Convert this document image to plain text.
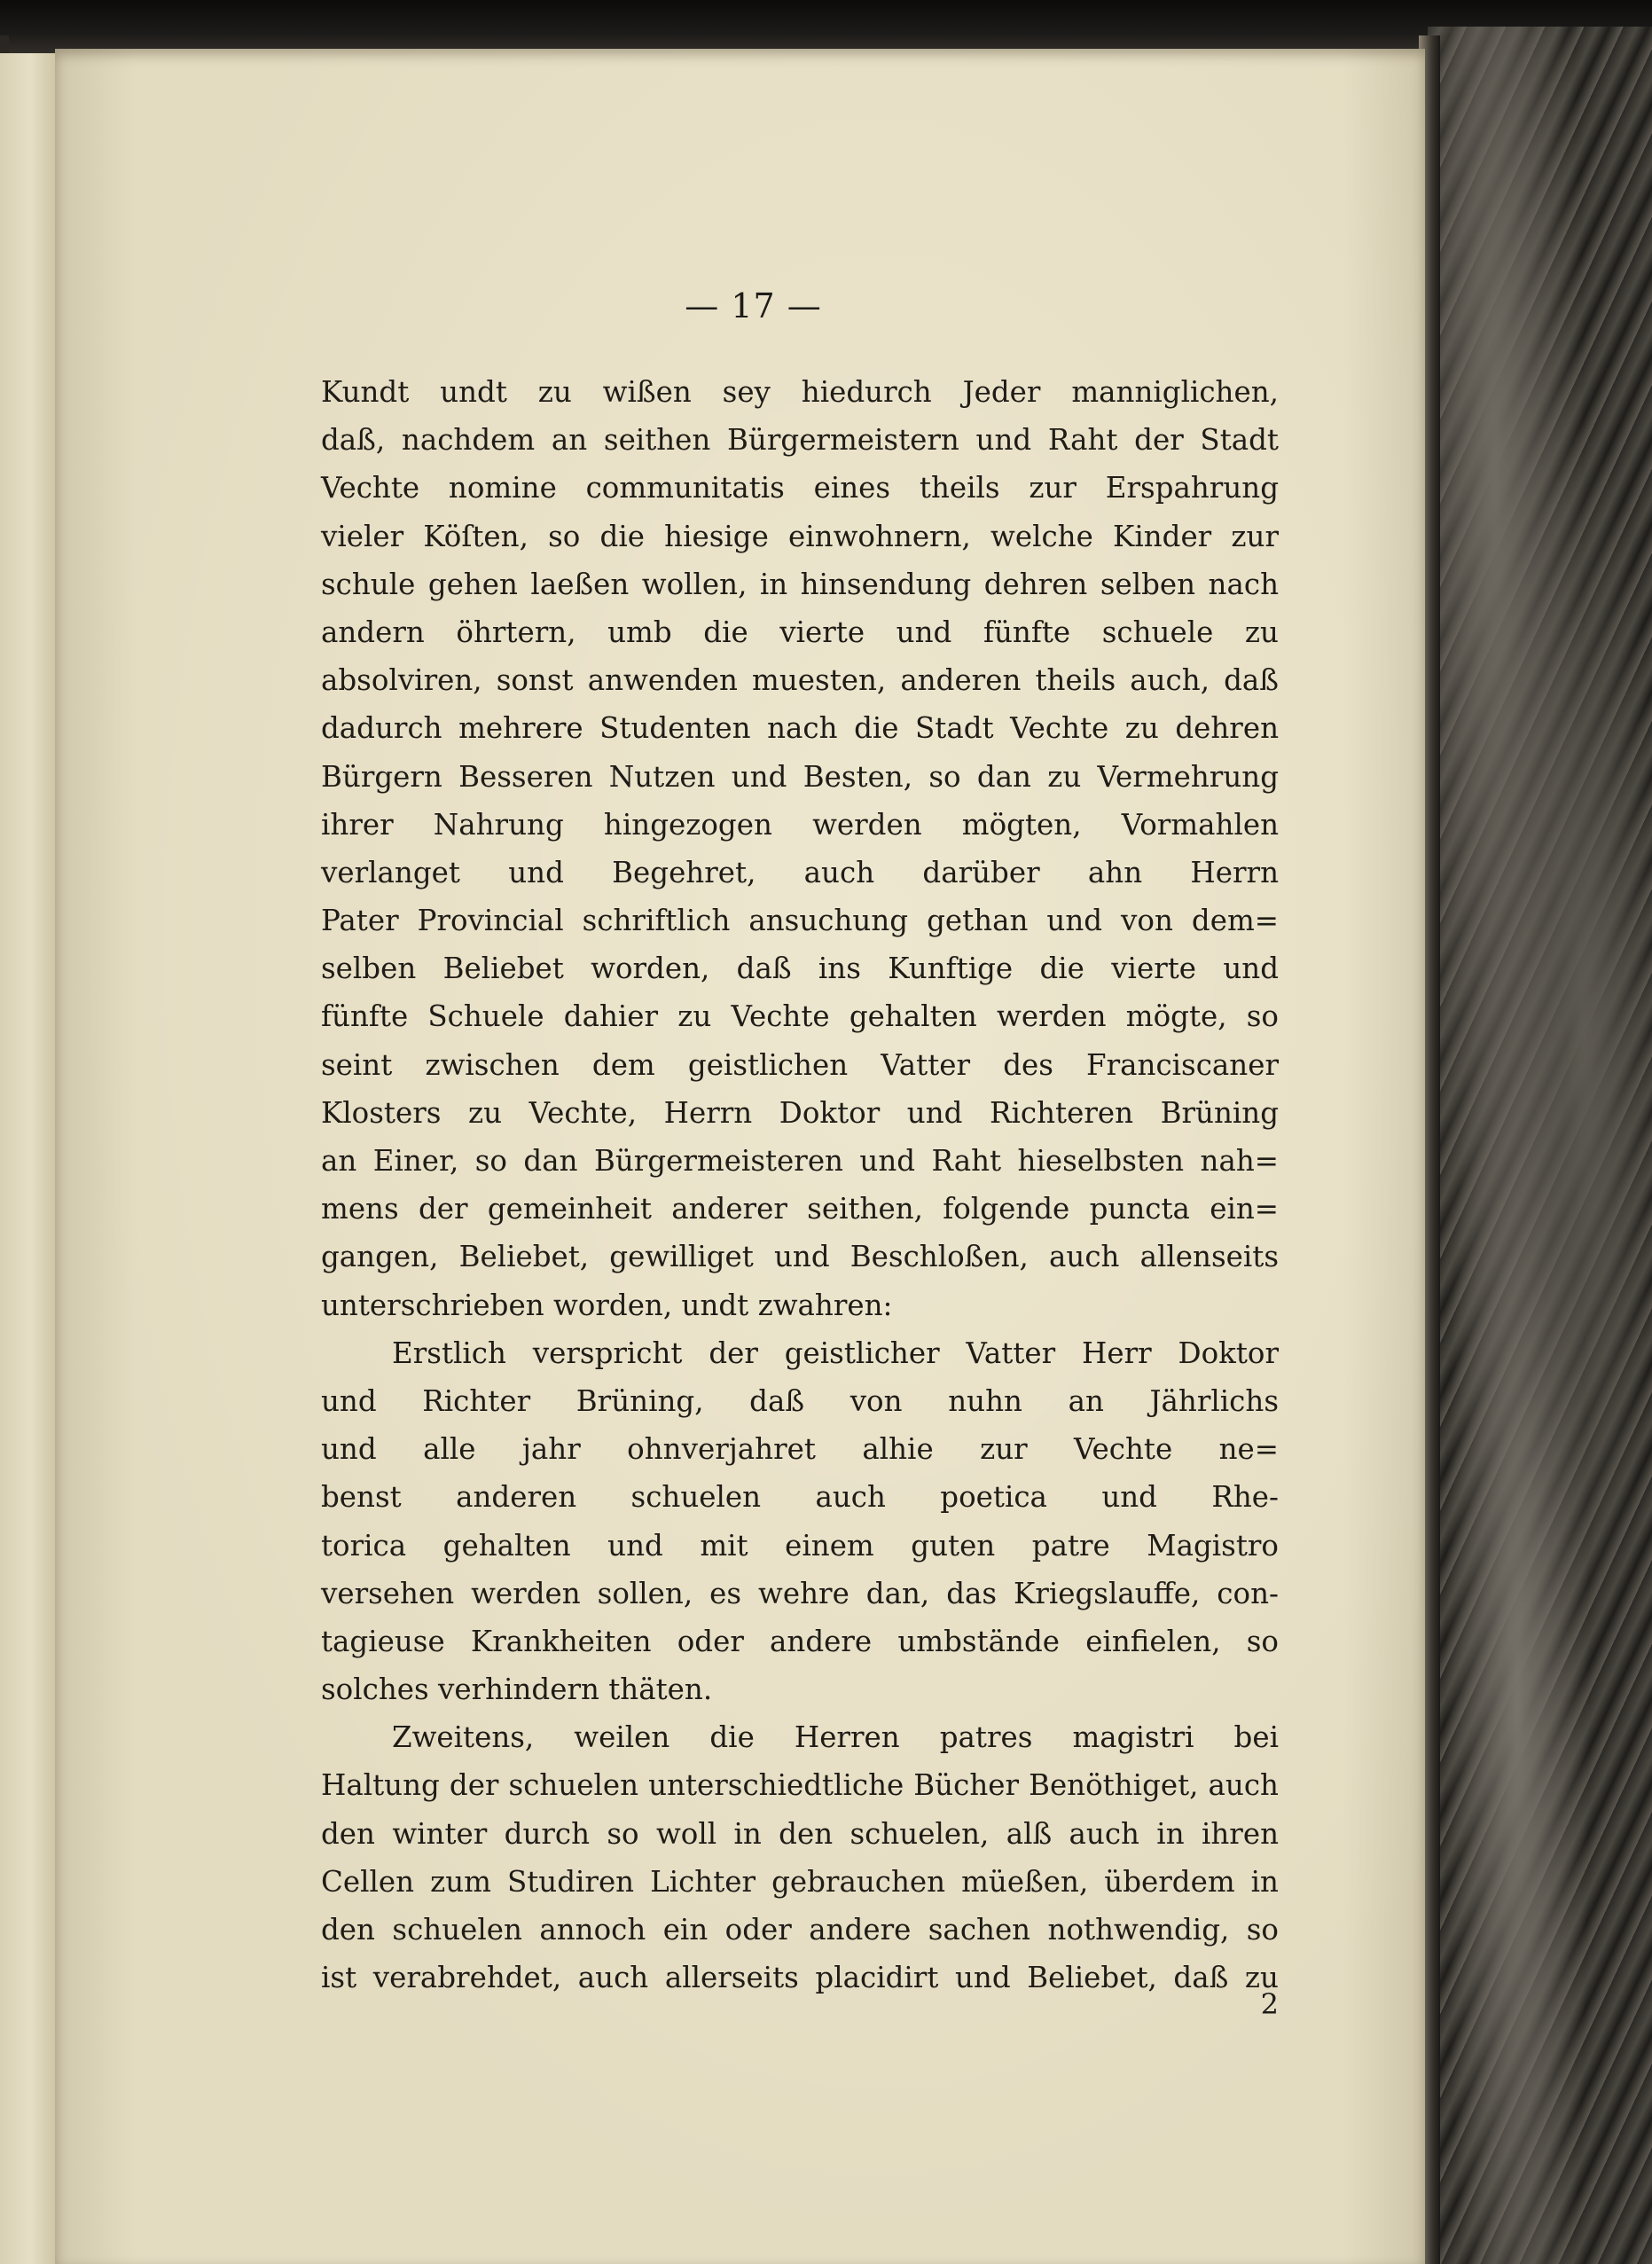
— 17 —
Kundt undt zu wißen sey hiedurch Jeder manniglichen,
daß, nachdem an seithen Bürgermeistern und Raht der Stadt
Vechte nomine communitatis eines theils zur Erspahrung
vieler Köſten, so die hiesige einwohnern, welche Kinder zur
schule gehen laeßen wollen, in hinsendung dehren selben nach
andern öhrtern, umb die vierte und fünfte schuele zu
absolviren, sonst anwenden muesten, anderen theils auch, daß
dadurch mehrere Studenten nach die Stadt Vechte zu dehren
Bürgern Besseren Nutzen und Besten, so dan zu Vermehrung
ihrer Nahrung hingezogen werden mögten, Vormahlen
verlanget und Begehret, auch darüber ahn Herrn
Pater Provincial schriftlich ansuchung gethan und von dem=
selben Beliebet worden, daß ins Kunftige die vierte und
fünfte Schuele dahier zu Vechte gehalten werden mögte, so
seint zwischen dem geistlichen Vatter des Franciscaner
Klosters zu Vechte, Herrn Doktor und Richteren Brüning
an Einer, so dan Bürgermeisteren und Raht hieselbsten nah=
mens der gemeinheit anderer seithen, folgende puncta ein=
gangen, Beliebet, gewilliget und Beschloßen, auch allenseits
unterschrieben worden, undt zwahren:
Erstlich verspricht der geistlicher Vatter Herr Doktor
und Richter Brüning, daß von nuhn an Jährlichs
und alle jahr ohnverjahret alhie zur Vechte ne=
benst anderen schuelen auch poetica und Rhe-
torica gehalten und mit einem guten patre Magistro
versehen werden sollen, es wehre dan, das Kriegslauffe, con-
tagieuse Krankheiten oder andere umbstände einfielen, so
solches verhindern thäten.
Zweitens, weilen die Herren patres magistri bei
Haltung der schuelen unterschiedtliche Bücher Benöthiget, auch
den winter durch so woll in den schuelen, alß auch in ihren
Cellen zum Studiren Lichter gebrauchen müeßen, überdem in
den schuelen annoch ein oder andere sachen nothwendig, so
ist verabrehdet, auch allerseits placidirt und Beliebet, daß zu
2
